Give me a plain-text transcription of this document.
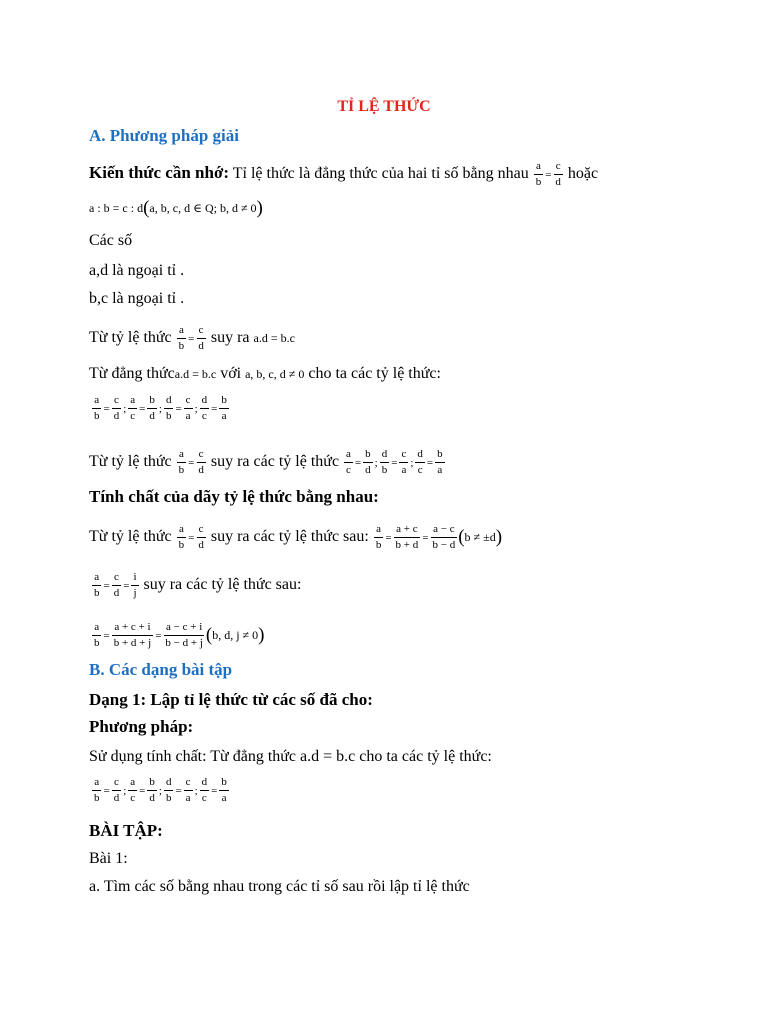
TỈ LỆ THỨC
A. Phương pháp giải
Kiến thức cần nhớ: Tỉ lệ thức là đẳng thức của hai tỉ số bằng nhau $\frac{a}{b} = \frac{c}{d}$ hoặc
a : b = c : d(a, b, c, d ∈ Q; b, d ≠ 0)
Các số
a,d là ngoại tỉ .
b,c là ngoại tỉ .
Từ tỷ lệ thức $\frac{a}{b} = \frac{c}{d}$ suy ra a.d = b.c
Từ đẳng thứca.d = b.c với a, b, c, d ≠ 0 cho ta các tỷ lệ thức:
$\frac{a}{b} = \frac{c}{d}$ ; $\frac{a}{c} = \frac{b}{d}$ ; $\frac{d}{b} = \frac{c}{a}$ ; $\frac{d}{c} = \frac{b}{a}$
Từ tỷ lệ thức $\frac{a}{b} = \frac{c}{d}$ suy ra các tỷ lệ thức $\frac{a}{c} = \frac{b}{d}$ ; $\frac{d}{b} = \frac{c}{a}$ ; $\frac{d}{c} = \frac{b}{a}$
Tính chất của dãy tỷ lệ thức bằng nhau:
Từ tỷ lệ thức $\frac{a}{b} = \frac{c}{d}$ suy ra các tỷ lệ thức sau: $\frac{a}{b} = \frac{a + c}{b + d} = \frac{a - c}{b - d} (b \ne \pm d)$
$\frac{a}{b} = \frac{c}{d} = \frac{i}{j}$ suy ra các tỷ lệ thức sau:
$\frac{a}{b} = \frac{a + c + i}{b + d + j} = \frac{a - c + i}{b - d + j} (b$, d, j ≠ 0)
B. Các dạng bài tập
Dạng 1: Lập tỉ lệ thức từ các số đã cho:
Phương pháp:
Sử dụng tính chất: Từ đẳng thức a.d = b.c cho ta các tỷ lệ thức:
$\frac{a}{b} = \frac{c}{d}$ ; $\frac{a}{c} = \frac{b}{d}$ ; $\frac{d}{b} = \frac{c}{a}$ ; $\frac{d}{c} = \frac{b}{a}$
BÀI TẬP:
Bài 1:
a. Tìm các số bằng nhau trong các tỉ số sau rồi lập tỉ lệ thức
